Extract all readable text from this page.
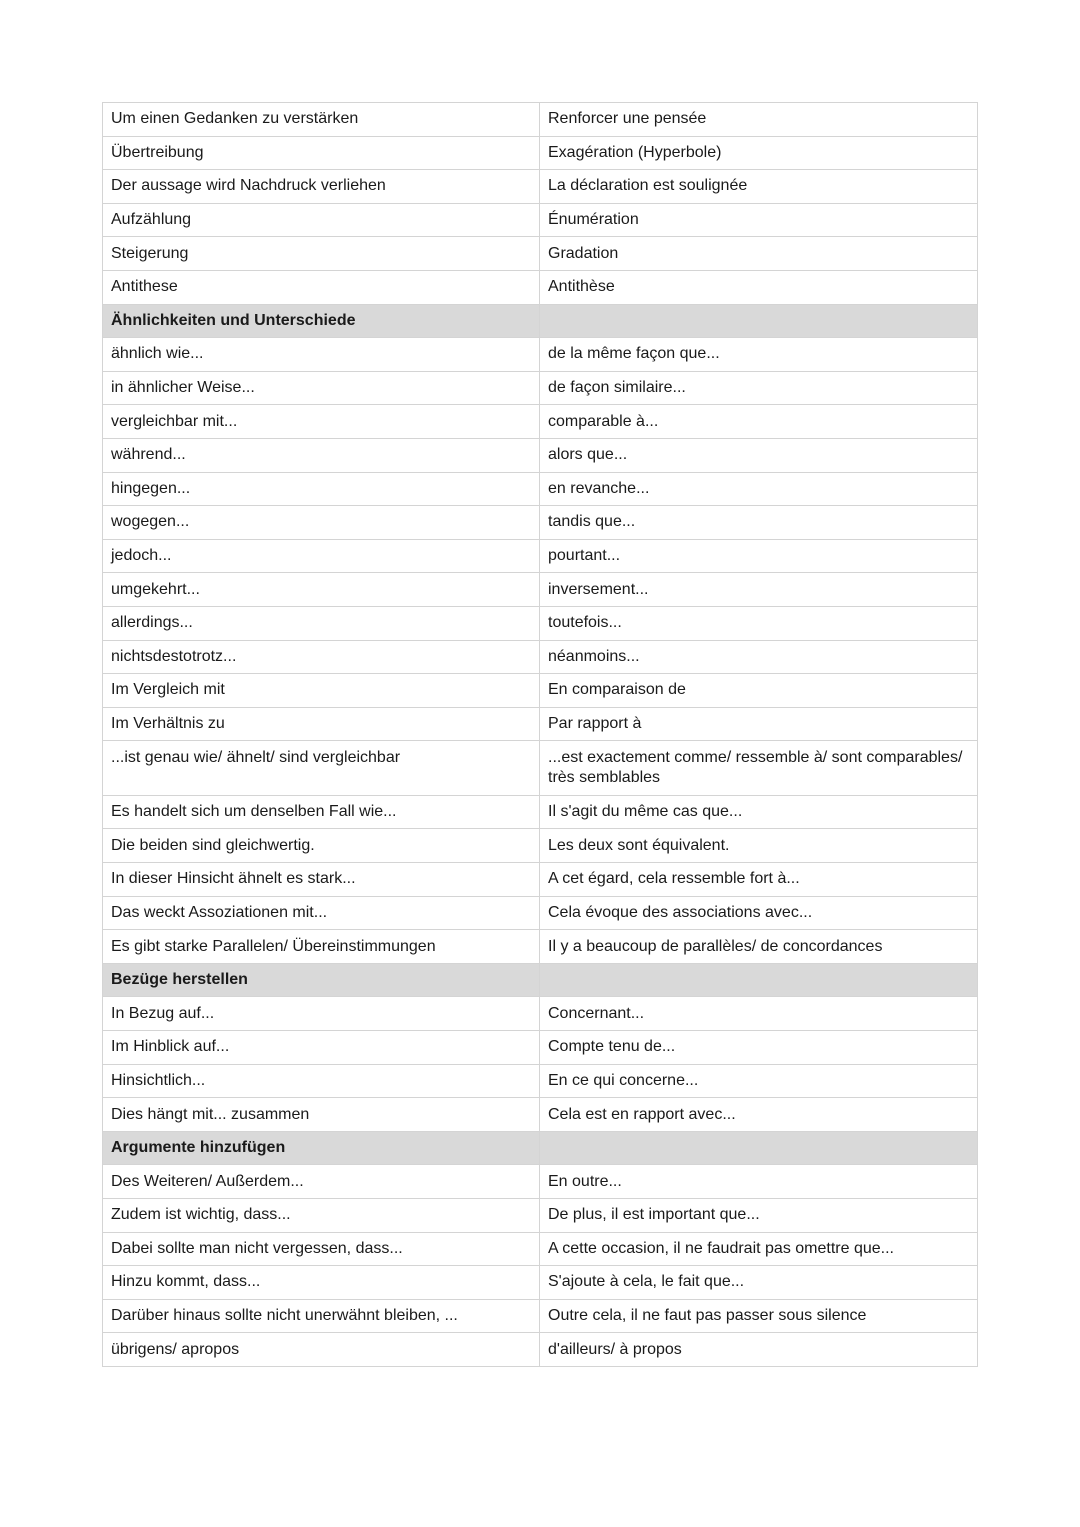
Um einen Gedanken zu verstärken	Renforcer une pensée
Übertreibung	Exagération (Hyperbole)
Der aussage wird Nachdruck verliehen	La déclaration est soulignée
Aufzählung	Énumération
Steigerung	Gradation
Antithese	Antithèse
Ähnlichkeiten und Unterschiede	
ähnlich wie...	de la même façon que...
in ähnlicher Weise...	de façon similaire...
vergleichbar mit...	comparable à...
während...	alors que...
hingegen...	en revanche...
wogegen...	tandis que...
jedoch...	pourtant...
umgekehrt...	inversement...
allerdings...	toutefois...
nichtsdestotrotz...	néanmoins...
Im Vergleich mit	En comparaison de
Im Verhältnis zu	Par rapport à
...ist genau wie/ ähnelt/ sind vergleichbar	...est exactement comme/ ressemble à/ sont comparables/ très semblables
Es handelt sich um denselben Fall wie...	Il s'agit du même cas que...
Die beiden sind gleichwertig.	Les deux sont équivalent.
In dieser Hinsicht ähnelt es stark...	A cet égard, cela ressemble fort à...
Das weckt Assoziationen mit...	Cela évoque des associations avec...
Es gibt starke Parallelen/ Übereinstimmungen	Il y a beaucoup de parallèles/ de concordances
Bezüge herstellen	
In Bezug auf...	Concernant...
Im Hinblick auf...	Compte tenu de...
Hinsichtlich...	En ce qui concerne...
Dies hängt mit... zusammen	Cela est en rapport avec...
Argumente hinzufügen	
Des Weiteren/ Außerdem...	En outre...
Zudem ist wichtig, dass...	De plus, il est important que...
Dabei sollte man nicht vergessen, dass...	A cette occasion, il ne faudrait pas omettre que...
Hinzu kommt, dass...	S'ajoute à cela, le fait que...
Darüber hinaus sollte nicht unerwähnt bleiben, ...	Outre cela, il ne faut pas passer sous silence
übrigens/ apropos	d'ailleurs/ à propos
